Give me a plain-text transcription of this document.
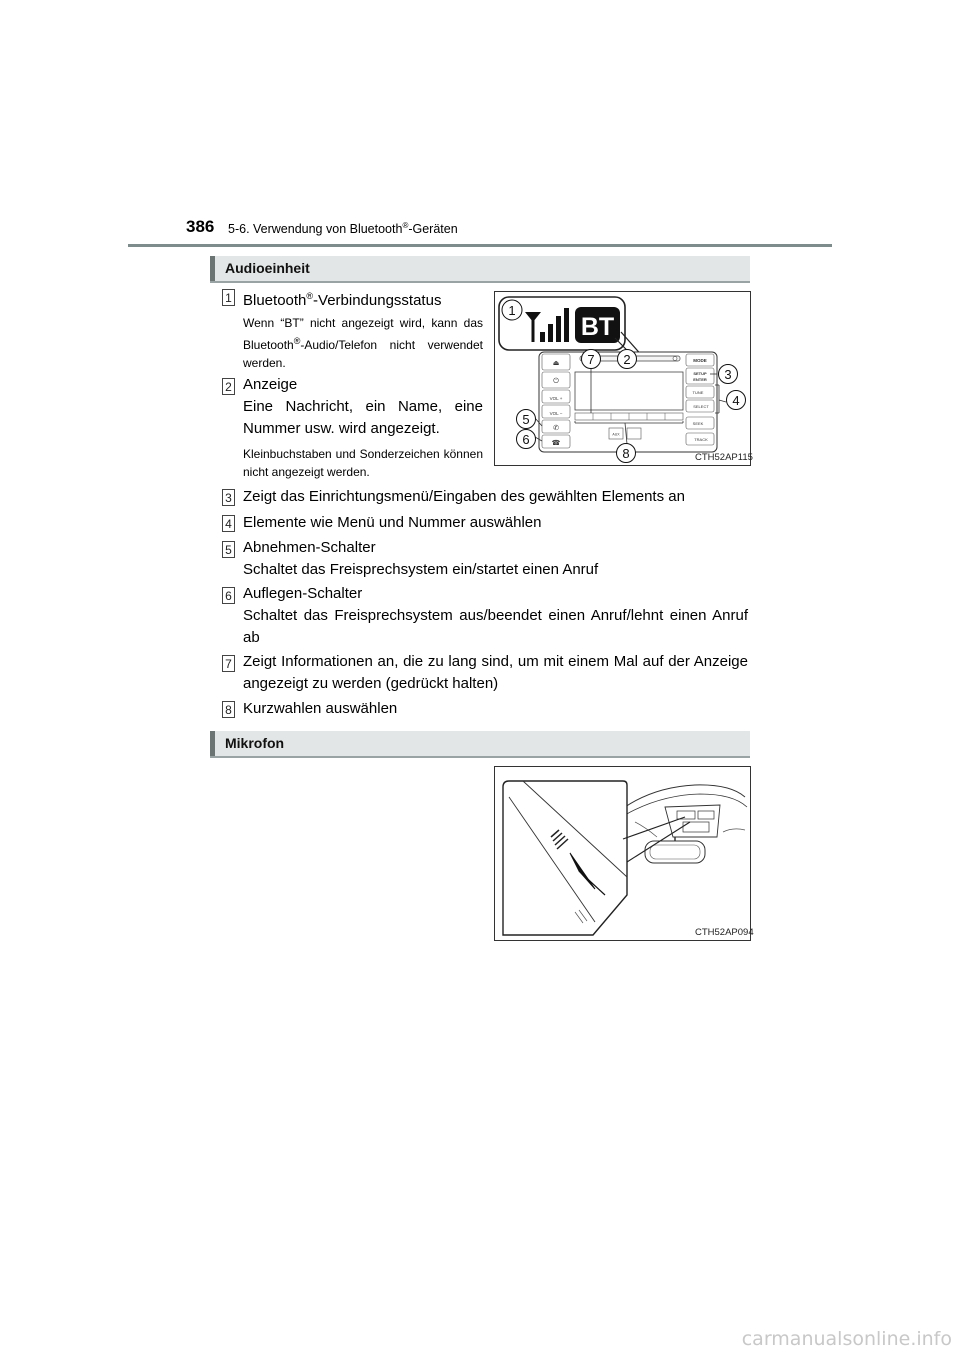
386 5-6. Verwendung von Bluetooth®-Geräten
Audioeinheit
1 Bluetooth®-Verbindungsstatus
Wenn “BT” nicht angezeigt wird, kann das Bluetooth®-Audio/Telefon nicht verwendet werden.
2 Anzeige
Eine Nachricht, ein Name, eine Nummer usw. wird angezeigt.
Kleinbuchstaben und Sonderzeichen können nicht angezeigt werden.
BT
⏏
⏻
VOL +
VOL −
✆
☎
AUX
MODE
SETUP
ENTER
TUNE
SELECT
SEEK
TRACK
1
7 2
3
4
5
6
8	CTH52AP115
3 Zeigt das Einrichtungsmenü/Eingaben des gewählten Elements an
4 Elemente wie Menü und Nummer auswählen
5 Abnehmen-Schalter
Schaltet das Freisprechsystem ein/startet einen Anruf
6 Auflegen-Schalter
Schaltet das Freisprechsystem aus/beendet einen Anruf/lehnt einen Anruf ab
7 Zeigt Informationen an, die zu lang sind, um mit einem Mal auf der Anzeige angezeigt zu werden (gedrückt halten)
8 Kurzwahlen auswählen
Mikrofon
CTH52AP094
carmanualsonline.info
